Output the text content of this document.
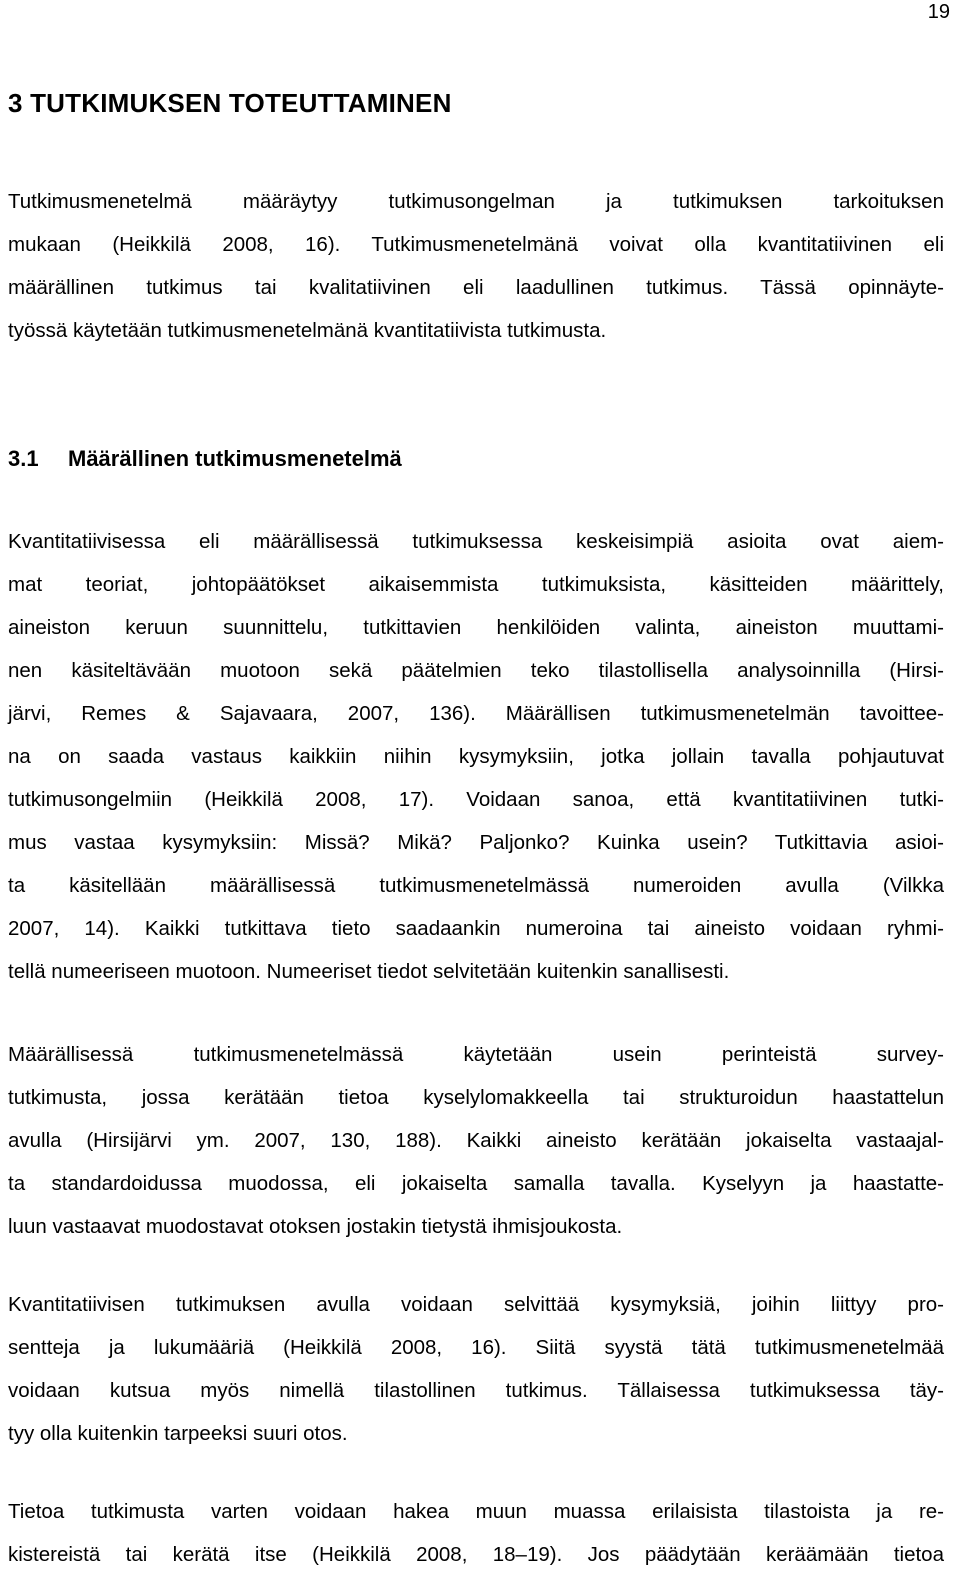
19
3 TUTKIMUKSEN TOTEUTTAMINEN

Tutkimusmenetelmä määräytyy tutkimusongelman ja tutkimuksen tarkoituksen
mukaan (Heikkilä 2008, 16). Tutkimusmenetelmänä voivat olla kvantitatiivinen eli
määrällinen tutkimus tai kvalitatiivinen eli laadullinen tutkimus. Tässä opinnäyte-
työssä käytetään tutkimusmenetelmänä kvantitatiivista tutkimusta.

3.1 Määrällinen tutkimusmenetelmä

Kvantitatiivisessa eli määrällisessä tutkimuksessa keskeisimpiä asioita ovat aiem-
mat teoriat, johtopäätökset aikaisemmista tutkimuksista, käsitteiden määrittely,
aineiston keruun suunnittelu, tutkittavien henkilöiden valinta, aineiston muuttami-
nen käsiteltävään muotoon sekä päätelmien teko tilastollisella analysoinnilla (Hirsi-
järvi, Remes & Sajavaara, 2007, 136). Määrällisen tutkimusmenetelmän tavoittee-
na on saada vastaus kaikkiin niihin kysymyksiin, jotka jollain tavalla pohjautuvat
tutkimusongelmiin (Heikkilä 2008, 17). Voidaan sanoa, että kvantitatiivinen tutki-
mus vastaa kysymyksiin: Missä? Mikä? Paljonko? Kuinka usein? Tutkittavia asioi-
ta käsitellään määrällisessä tutkimusmenetelmässä numeroiden avulla (Vilkka
2007, 14). Kaikki tutkittava tieto saadaankin numeroina tai aineisto voidaan ryhmi-
tellä numeeriseen muotoon. Numeeriset tiedot selvitetään kuitenkin sanallisesti.

Määrällisessä tutkimusmenetelmässä käytetään usein perinteistä survey-
tutkimusta, jossa kerätään tietoa kyselylomakkeella tai strukturoidun haastattelun
avulla (Hirsijärvi ym. 2007, 130, 188). Kaikki aineisto kerätään jokaiselta vastaajal-
ta standardoidussa muodossa, eli jokaiselta samalla tavalla. Kyselyyn ja haastatte-
luun vastaavat muodostavat otoksen jostakin tietystä ihmisjoukosta.

Kvantitatiivisen tutkimuksen avulla voidaan selvittää kysymyksiä, joihin liittyy pro-
sentteja ja lukumääriä (Heikkilä 2008, 16). Siitä syystä tätä tutkimusmenetelmää
voidaan kutsua myös nimellä tilastollinen tutkimus. Tällaisessa tutkimuksessa täy-
tyy olla kuitenkin tarpeeksi suuri otos.

Tietoa tutkimusta varten voidaan hakea muun muassa erilaisista tilastoista ja re-
kistereistä tai kerätä itse (Heikkilä 2008, 18–19). Jos päädytään keräämään tietoa
